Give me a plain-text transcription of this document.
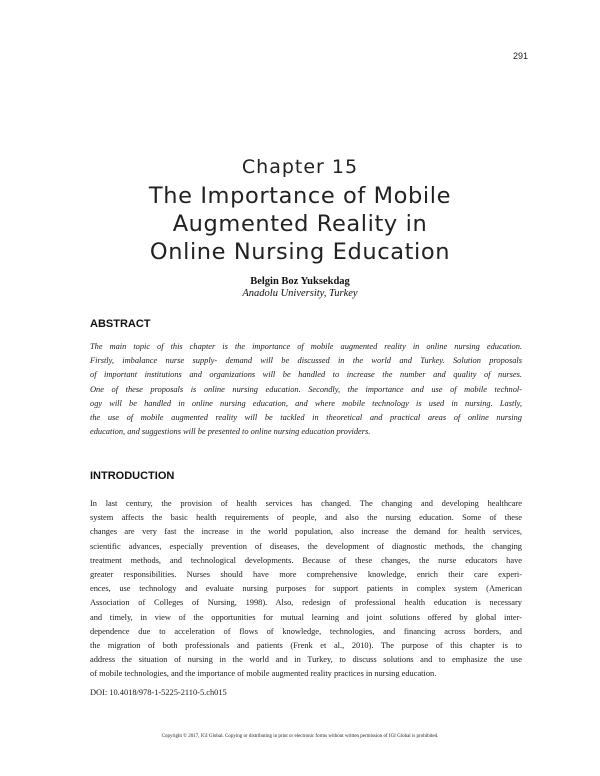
291
Chapter 15
The Importance of Mobile
Augmented Reality in
Online Nursing Education
Belgin Boz Yuksekdag
Anadolu University, Turkey
ABSTRACT
The main topic of this chapter is the importance of mobile augmented reality in online nursing education.
Firstly, imbalance nurse supply- demand will be discussed in the world and Turkey. Solution proposals
of important institutions and organizations will be handled to increase the number and quality of nurses.
One of these proposals is online nursing education. Secondly, the importance and use of mobile technol-
ogy will be handled in online nursing education, and where mobile technology is used in nursing. Lastly,
the use of mobile augmented reality will be tackled in theoretical and practical areas of online nursing
education, and suggestions will be presented to online nursing education providers.
INTRODUCTION
In last century, the provision of health services has changed. The changing and developing healthcare
system affects the basic health requirements of people, and also the nursing education. Some of these
changes are very fast the increase in the world population, also increase the demand for health services,
scientific advances, especially prevention of diseases, the development of diagnostic methods, the changing
treatment methods, and technological developments. Because of these changes, the nurse educators have
greater responsibilities. Nurses should have more comprehensive knowledge, enrich their care experi-
ences, use technology and evaluate nursing purposes for support patients in complex system (American
Association of Colleges of Nursing, 1998). Also, redesign of professional health education is necessary
and timely, in view of the opportunities for mutual learning and joint solutions offered by global inter-
dependence due to acceleration of flows of knowledge, technologies, and financing across borders, and
the migration of both professionals and patients (Frenk et al., 2010). The purpose of this chapter is to
address the situation of nursing in the world and in Turkey, to discuss solutions and to emphasize the use
of mobile technologies, and the importance of mobile augmented reality practices in nursing education.
DOI: 10.4018/978-1-5225-2110-5.ch015
Copyright © 2017, IGI Global. Copying or distributing in print or electronic forms without written permission of IGI Global is prohibited.
